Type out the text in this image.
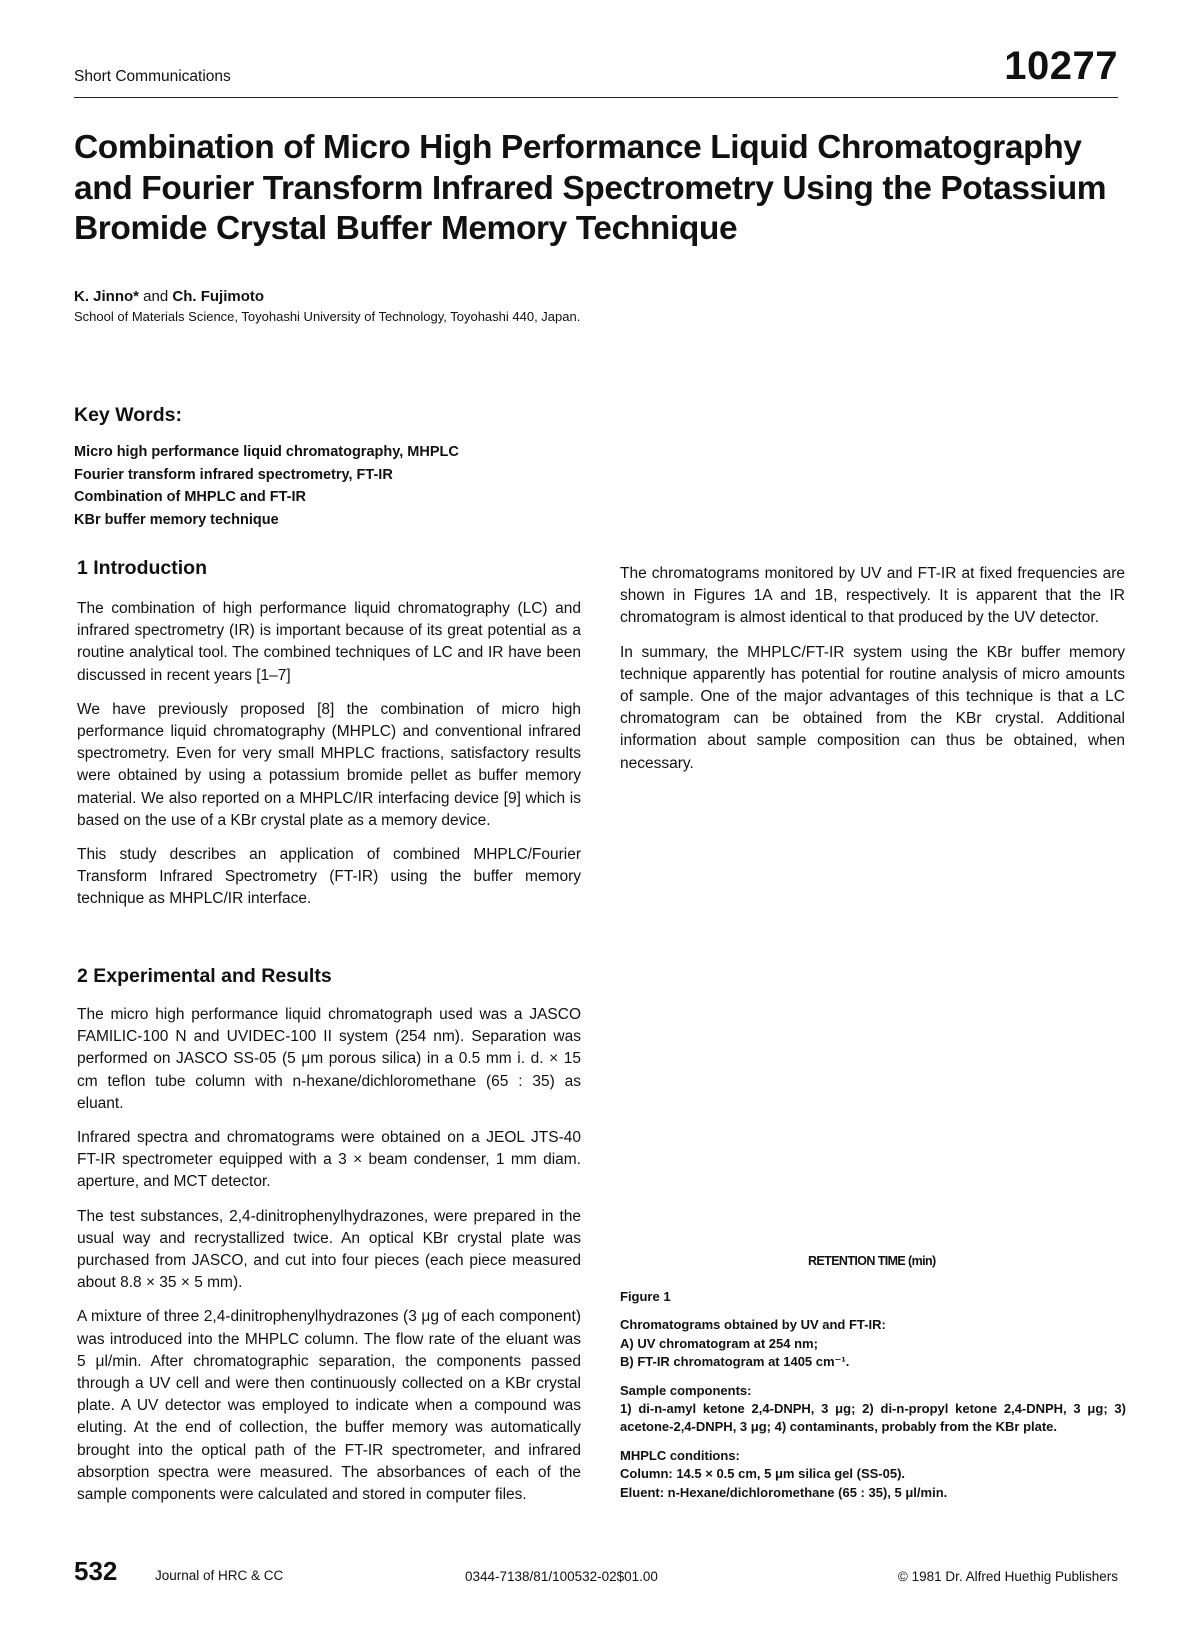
Short Communications	10277
Combination of Micro High Performance Liquid Chromatography and Fourier Transform Infrared Spectrometry Using the Potassium Bromide Crystal Buffer Memory Technique
K. Jinno* and Ch. Fujimoto
School of Materials Science, Toyohashi University of Technology, Toyohashi 440, Japan.
Key Words:
Micro high performance liquid chromatography, MHPLC
Fourier transform infrared spectrometry, FT-IR
Combination of MHPLC and FT-IR
KBr buffer memory technique
1 Introduction

The combination of high performance liquid chromatography (LC) and infrared spectrometry (IR) is important because of its great potential as a routine analytical tool. The combined techniques of LC and IR have been discussed in recent years [1–7]

We have previously proposed [8] the combination of micro high performance liquid chromatography (MHPLC) and conventional infrared spectrometry. Even for very small MHPLC fractions, satisfactory results were obtained by using a potassium bromide pellet as buffer memory material. We also reported on a MHPLC/IR interfacing device [9] which is based on the use of a KBr crystal plate as a memory device.

This study describes an application of combined MHPLC/Fourier Transform Infrared Spectrometry (FT-IR) using the buffer memory technique as MHPLC/IR interface.

2 Experimental and Results

The micro high performance liquid chromatograph used was a JASCO FAMILIC-100 N and UVIDEC-100 II system (254 nm). Separation was performed on JASCO SS-05 (5 μm porous silica) in a 0.5 mm i. d. × 15 cm teflon tube column with n-hexane/dichloromethane (65 : 35) as eluant.

Infrared spectra and chromatograms were obtained on a JEOL JTS-40 FT-IR spectrometer equipped with a 3 × beam condenser, 1 mm diam. aperture, and MCT detector.

The test substances, 2,4-dinitrophenylhydrazones, were prepared in the usual way and recrystallized twice. An optical KBr crystal plate was purchased from JASCO, and cut into four pieces (each piece measured about 8.8 × 35 × 5 mm).

A mixture of three 2,4-dinitrophenylhydrazones (3 μg of each component) was introduced into the MHPLC column. The flow rate of the eluant was 5 μl/min. After chromatographic separation, the components passed through a UV cell and were then continuously collected on a KBr crystal plate. A UV detector was employed to indicate when a compound was eluting. At the end of collection, the buffer memory was automatically brought into the optical path of the FT-IR spectrometer, and infrared absorption spectra were measured. The absorbances of each of the sample components were calculated and stored in computer files.

The chromatograms monitored by UV and FT-IR at fixed frequencies are shown in Figures 1A and 1B, respectively. It is apparent that the IR chromatogram is almost identical to that produced by the UV detector.

In summary, the MHPLC/FT-IR system using the KBr buffer memory technique apparently has potential for routine analysis of micro amounts of sample. One of the major advantages of this technique is that a LC chromatogram can be obtained from the KBr crystal. Additional information about sample composition can thus be obtained, when necessary.

RETENTION TIME (min)
Figure 1
Chromatograms obtained by UV and FT-IR:
A) UV chromatogram at 254 nm;
B) FT-IR chromatogram at 1405 cm⁻¹.
Sample components:
1) di-n-amyl ketone 2,4-DNPH, 3 μg; 2) di-n-propyl ketone 2,4-DNPH, 3 μg; 3) acetone-2,4-DNPH, 3 μg; 4) contaminants, probably from the KBr plate.
MHPLC conditions:
Column: 14.5 × 0.5 cm, 5 μm silica gel (SS-05).
Eluent: n-Hexane/dichloromethane (65 : 35), 5 μl/min.
532	Journal of HRC & CC	0344-7138/81/100532-02$01.00	© 1981 Dr. Alfred Huethig Publishers
